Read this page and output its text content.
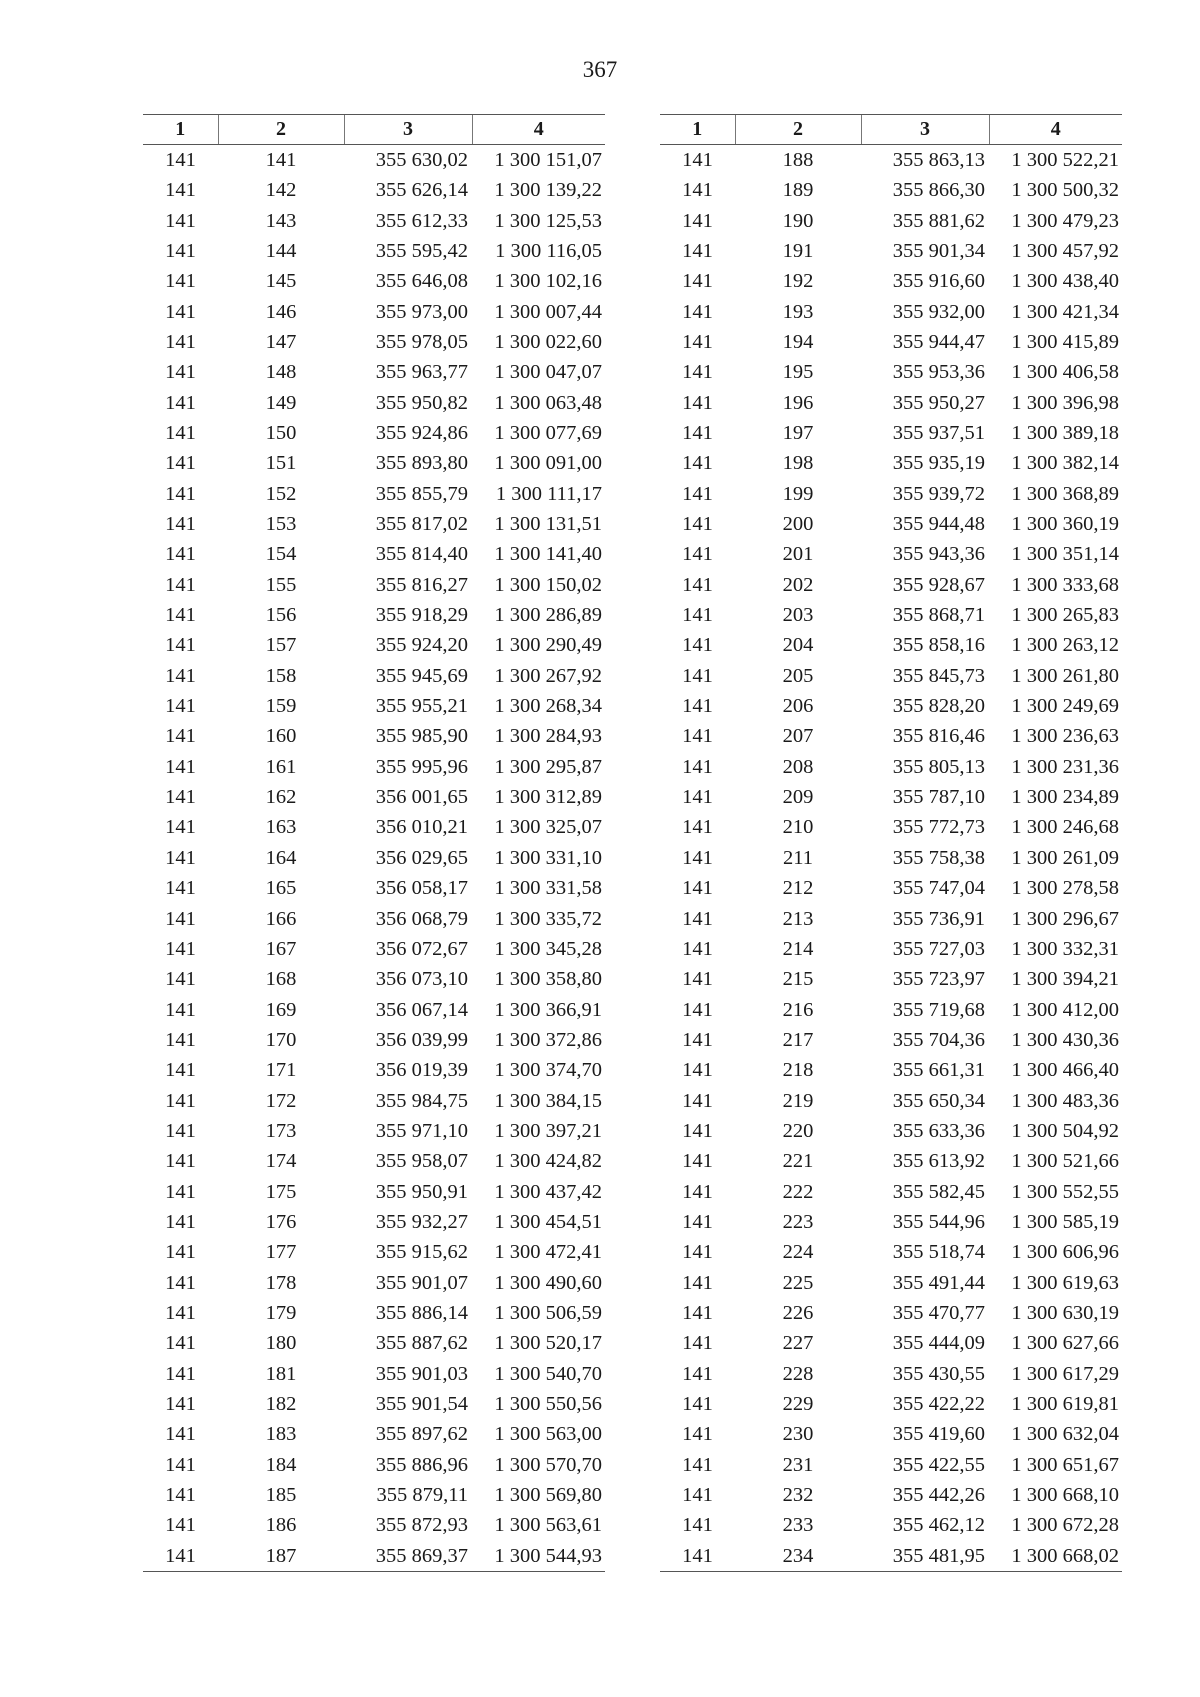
367
1	2	3	4
141	141	355 630,02	1 300 151,07
141	142	355 626,14	1 300 139,22
141	143	355 612,33	1 300 125,53
141	144	355 595,42	1 300 116,05
141	145	355 646,08	1 300 102,16
141	146	355 973,00	1 300 007,44
141	147	355 978,05	1 300 022,60
141	148	355 963,77	1 300 047,07
141	149	355 950,82	1 300 063,48
141	150	355 924,86	1 300 077,69
141	151	355 893,80	1 300 091,00
141	152	355 855,79	1 300 111,17
141	153	355 817,02	1 300 131,51
141	154	355 814,40	1 300 141,40
141	155	355 816,27	1 300 150,02
141	156	355 918,29	1 300 286,89
141	157	355 924,20	1 300 290,49
141	158	355 945,69	1 300 267,92
141	159	355 955,21	1 300 268,34
141	160	355 985,90	1 300 284,93
141	161	355 995,96	1 300 295,87
141	162	356 001,65	1 300 312,89
141	163	356 010,21	1 300 325,07
141	164	356 029,65	1 300 331,10
141	165	356 058,17	1 300 331,58
141	166	356 068,79	1 300 335,72
141	167	356 072,67	1 300 345,28
141	168	356 073,10	1 300 358,80
141	169	356 067,14	1 300 366,91
141	170	356 039,99	1 300 372,86
141	171	356 019,39	1 300 374,70
141	172	355 984,75	1 300 384,15
141	173	355 971,10	1 300 397,21
141	174	355 958,07	1 300 424,82
141	175	355 950,91	1 300 437,42
141	176	355 932,27	1 300 454,51
141	177	355 915,62	1 300 472,41
141	178	355 901,07	1 300 490,60
141	179	355 886,14	1 300 506,59
141	180	355 887,62	1 300 520,17
141	181	355 901,03	1 300 540,70
141	182	355 901,54	1 300 550,56
141	183	355 897,62	1 300 563,00
141	184	355 886,96	1 300 570,70
141	185	355 879,11	1 300 569,80
141	186	355 872,93	1 300 563,61
141	187	355 869,37	1 300 544,93
1	2	3	4
141	188	355 863,13	1 300 522,21
141	189	355 866,30	1 300 500,32
141	190	355 881,62	1 300 479,23
141	191	355 901,34	1 300 457,92
141	192	355 916,60	1 300 438,40
141	193	355 932,00	1 300 421,34
141	194	355 944,47	1 300 415,89
141	195	355 953,36	1 300 406,58
141	196	355 950,27	1 300 396,98
141	197	355 937,51	1 300 389,18
141	198	355 935,19	1 300 382,14
141	199	355 939,72	1 300 368,89
141	200	355 944,48	1 300 360,19
141	201	355 943,36	1 300 351,14
141	202	355 928,67	1 300 333,68
141	203	355 868,71	1 300 265,83
141	204	355 858,16	1 300 263,12
141	205	355 845,73	1 300 261,80
141	206	355 828,20	1 300 249,69
141	207	355 816,46	1 300 236,63
141	208	355 805,13	1 300 231,36
141	209	355 787,10	1 300 234,89
141	210	355 772,73	1 300 246,68
141	211	355 758,38	1 300 261,09
141	212	355 747,04	1 300 278,58
141	213	355 736,91	1 300 296,67
141	214	355 727,03	1 300 332,31
141	215	355 723,97	1 300 394,21
141	216	355 719,68	1 300 412,00
141	217	355 704,36	1 300 430,36
141	218	355 661,31	1 300 466,40
141	219	355 650,34	1 300 483,36
141	220	355 633,36	1 300 504,92
141	221	355 613,92	1 300 521,66
141	222	355 582,45	1 300 552,55
141	223	355 544,96	1 300 585,19
141	224	355 518,74	1 300 606,96
141	225	355 491,44	1 300 619,63
141	226	355 470,77	1 300 630,19
141	227	355 444,09	1 300 627,66
141	228	355 430,55	1 300 617,29
141	229	355 422,22	1 300 619,81
141	230	355 419,60	1 300 632,04
141	231	355 422,55	1 300 651,67
141	232	355 442,26	1 300 668,10
141	233	355 462,12	1 300 672,28
141	234	355 481,95	1 300 668,02
